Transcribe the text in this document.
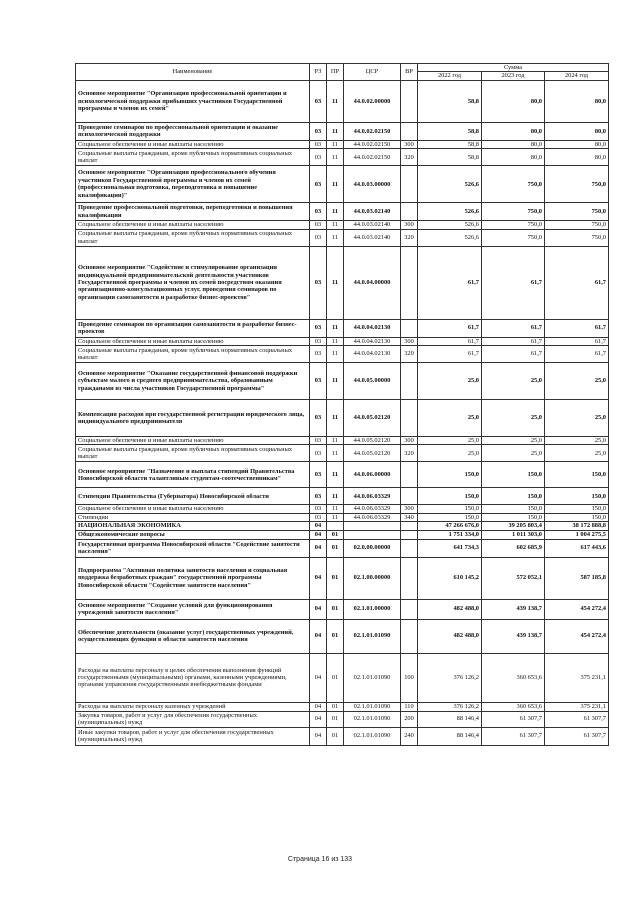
Наименование	РЗ	ПР	ЦСР	ВР	Сумма		
					2022 год	2023 год	2024 год
Основное мероприятие "Организация профессиональной ориентации и психологической поддержки прибывших участников Государственной программы и членов их семей"	03	11	44.0.02.00000		58,8	80,0	80,0
Проведение семинаров по профессиональной ориентации и оказание психологической поддержки	03	11	44.0.02.02150		58,8	80,0	80,0
Социальное обеспечение и иные выплаты населению	03	11	44.0.02.02150	300	58,8	80,0	80,0
Социальные выплаты гражданам, кроме публичных нормативных социальных выплат	03	11	44.0.02.02150	320	58,8	80,0	80,0
Основное мероприятие "Организация профессионального обучения участников Государственной программы и членов их семей (профессиональная подготовка, переподготовка и повышение квалификации)"	03	11	44.0.03.00000		526,6	750,0	750,0
Проведение профессиональной подготовки, переподготовки и повышения квалификации	03	11	44.0.03.02140		526,6	750,0	750,0
Социальное обеспечение и иные выплаты населению	03	11	44.0.03.02140	300	526,6	750,0	750,0
Социальные выплаты гражданам, кроме публичных нормативных социальных выплат	03	11	44.0.03.02140	320	526,6	750,0	750,0
Основное мероприятие "Содействие и стимулирование организации индивидуальной предпринимательской деятельности участников Государственной программы и членов их семей посредством оказания организационно-консультационных услуг, проведения семинаров по организации самозанятости и разработке бизнес-проектов"	03	11	44.0.04.00000		61,7	61,7	61,7
Проведение семинаров по организации самозанятости и разработке бизнес-проектов	03	11	44.0.04.02130		61,7	61,7	61,7
Социальное обеспечение и иные выплаты населению	03	11	44.0.04.02130	300	61,7	61,7	61,7
Социальные выплаты гражданам, кроме публичных нормативных социальных выплат	03	11	44.0.04.02130	320	61,7	61,7	61,7
Основное мероприятие "Оказание государственной финансовой поддержки субъектам малого и среднего предпринимательства, образованным гражданами из числа участников Государственной программы"	03	11	44.0.05.00000		25,0	25,0	25,0
Компенсация расходов при государственной регистрации юридического лица, индивидуального предпринимателя	03	11	44.0.05.02120		25,0	25,0	25,0
Социальное обеспечение и иные выплаты населению	03	11	44.0.05.02120	300	25,0	25,0	25,0
Социальные выплаты гражданам, кроме публичных нормативных социальных выплат	03	11	44.0.05.02120	320	25,0	25,0	25,0
Основное мероприятие "Назначение и выплата стипендий Правительства Новосибирской области талантливым студентам-соотечественникам"	03	11	44.0.06.00000		150,0	150,0	150,0
Стипендии Правительства (Губернатора) Новосибирской области	03	11	44.0.06.03329		150,0	150,0	150,0
Социальное обеспечение и иные выплаты населению	03	11	44.0.06.03329	300	150,0	150,0	150,0
Стипендии	03	11	44.0.06.03329	340	150,0	150,0	150,0
НАЦИОНАЛЬНАЯ ЭКОНОМИКА	04				47 266 676,0	39 205 803,4	38 172 888,8
Общеэкономические вопросы	04	01			1 751 334,0	1 011 303,0	1 004 275,5
Государственная программа Новосибирской области "Содействие занятости населения"	04	01	02.0.00.00000		641 734,3	602 685,9	617 443,6
Подпрограмма "Активная политика занятости населения и социальная поддержка безработных граждан" государственной программы Новосибирской области "Содействие занятости населения"	04	01	02.1.00.00000		610 145,2	572 052,1	587 185,8
Основное мероприятие "Создание условий для функционирования учреждений занятости населения"	04	01	02.1.01.00000		482 488,0	439 138,7	454 272,4
Обеспечение деятельности (оказание услуг) государственных учреждений, осуществляющих функции в области занятости населения	04	01	02.1.01.01090		482 488,0	439 138,7	454 272,4
Расходы на выплаты персоналу в целях обеспечения выполнения функций государственными (муниципальными) органами, казенными учреждениями, органами управления государственными внебюджетными фондами	04	01	02.1.01.01090	100	376 126,2	360 653,6	375 231,1
Расходы на выплаты персоналу казенных учреждений	04	01	02.1.01.01090	110	376 126,2	360 653,6	375 231,1
Закупка товаров, работ и услуг для обеспечения государственных (муниципальных) нужд	04	01	02.1.01.01090	200	88 146,4	61 307,7	61 307,7
Иные закупки товаров, работ и услуг для обеспечения государственных (муниципальных) нужд	04	01	02.1.01.01090	240	88 146,4	61 307,7	61 307,7
Страница 16 из 133
